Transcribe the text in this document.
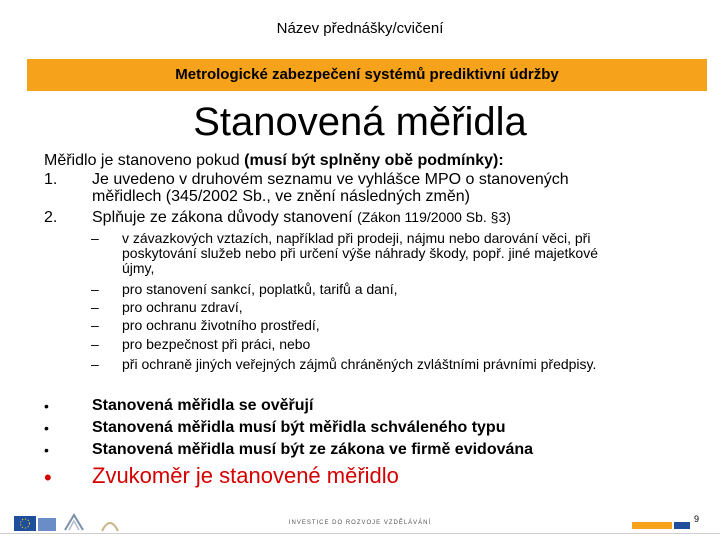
Název přednášky/cvičení
Metrologické zabezpečení systémů prediktivní údržby
Stanovená měřidla
Měřidlo je stanoveno pokud (musí být splněny obě podmínky):
1. Je uvedeno v druhovém seznamu ve vyhlášce MPO o stanovených
měřidlech (345/2002 Sb., ve znění následných změn)
2. Splňuje ze zákona důvody stanovení (Zákon 119/2000 Sb. §3)
– v závazkových vztazích, například při prodeji, nájmu nebo darování věci, při
poskytování služeb nebo při určení výše náhrady škody, popř. jiné majetkové
újmy,
– pro stanovení sankcí, poplatků, tarifů a daní,
– pro ochranu zdraví,
– pro ochranu životního prostředí,
– pro bezpečnost při práci, nebo
– při ochraně jiných veřejných zájmů chráněných zvláštními právními předpisy.
•	Stanovená měřidla se ověřují
•	Stanovená měřidla musí být měřidla schváleného typu
•	Stanovená měřidla musí být ze zákona ve firmě evidována
• Zvukoměr je stanovené měřidlo
INVESTICE DO ROZVOJE VZDĚLÁVÁNÍ	9
